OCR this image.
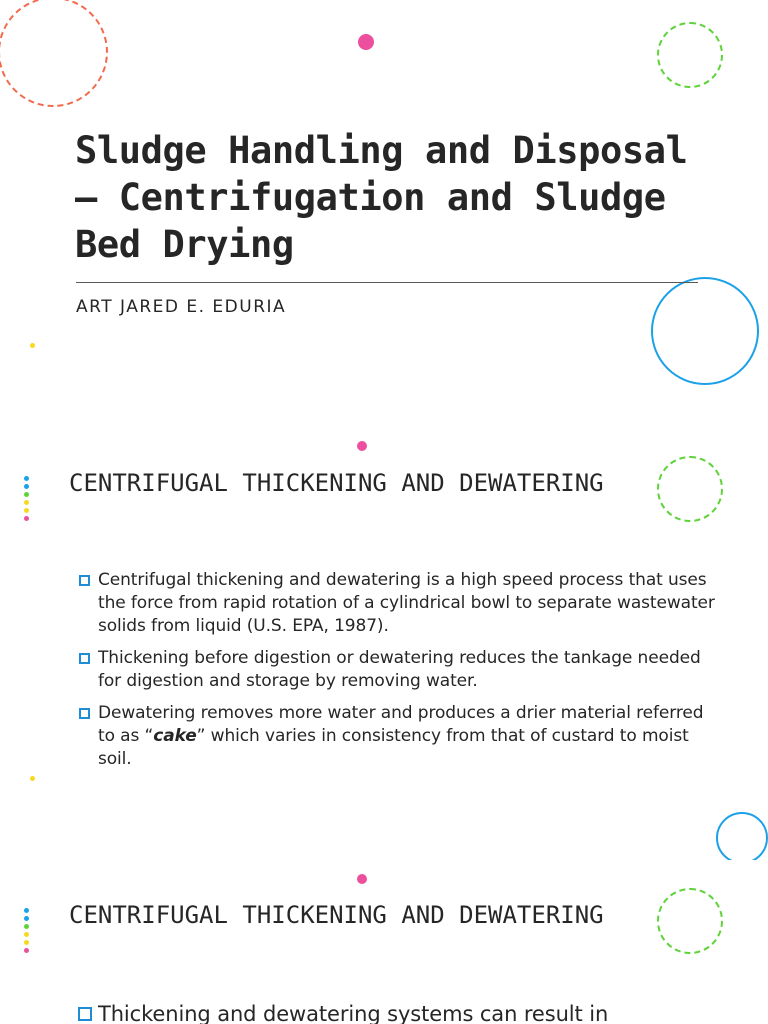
Sludge Handling and Disposal – Centrifugation and Sludge Bed Drying

ART JARED E. EDURIA

CENTRIFUGAL THICKENING AND DEWATERING
Centrifugal thickening and dewatering is a high speed process that uses the force from rapid rotation of a cylindrical bowl to separate wastewater solids from liquid (U.S. EPA, 1987).
Thickening before digestion or dewatering reduces the tankage needed for digestion and storage by removing water.
Dewatering removes more water and produces a drier material referred to as “cake” which varies in consistency from that of custard to moist soil.
CENTRIFUGAL THICKENING AND DEWATERING
Thickening and dewatering systems can result in
